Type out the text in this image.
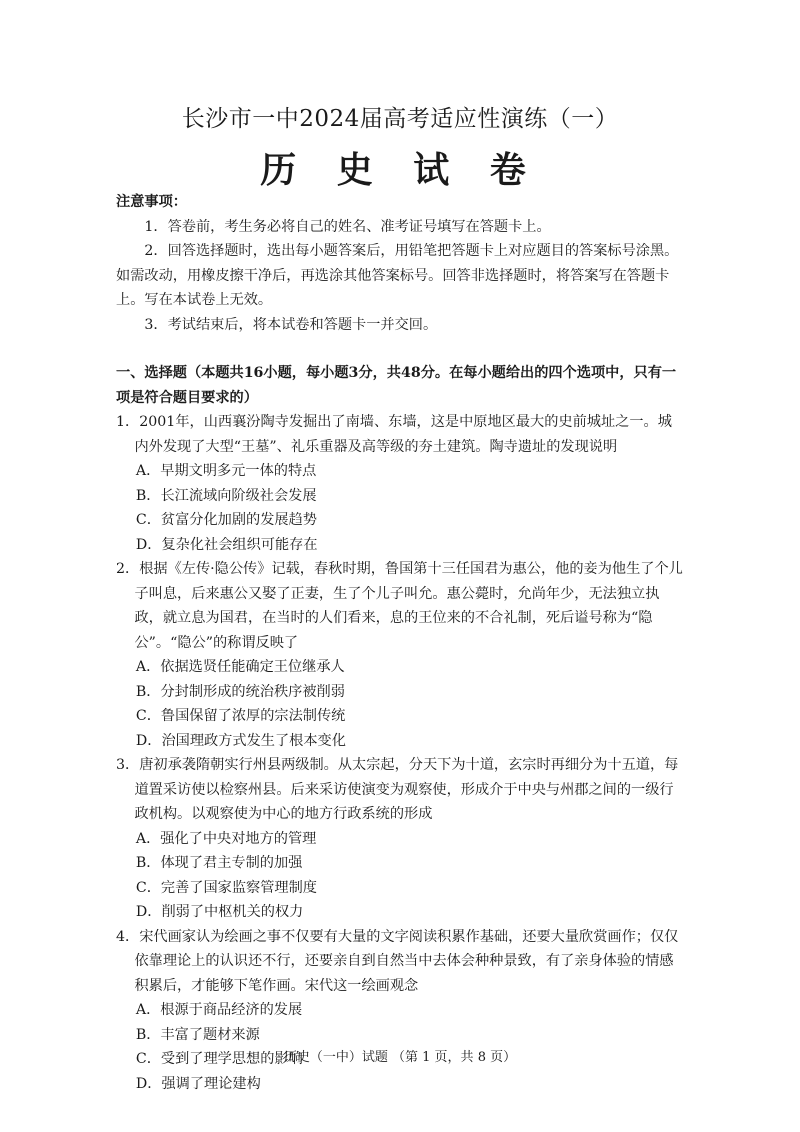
长沙市一中2024届高考适应性演练（一）
历 史 试 卷
注意事项：
1．答卷前，考生务必将自己的姓名、准考证号填写在答题卡上。
2．回答选择题时，选出每小题答案后，用铅笔把答题卡上对应题目的答案标号涂黑。如需改动，用橡皮擦干净后，再选涂其他答案标号。回答非选择题时，将答案写在答题卡上。写在本试卷上无效。
3．考试结束后，将本试卷和答题卡一并交回。
一、选择题（本题共16小题，每小题3分，共48分。在每小题给出的四个选项中，只有一项是符合题目要求的）
1．2001年，山西襄汾陶寺发掘出了南墙、东墙，这是中原地区最大的史前城址之一。城内外发现了大型“王墓”、礼乐重器及高等级的夯土建筑。陶寺遗址的发现说明
A．早期文明多元一体的特点
B．长江流域向阶级社会发展
C．贫富分化加剧的发展趋势
D．复杂化社会组织可能存在
2．根据《左传·隐公传》记载，春秋时期，鲁国第十三任国君为惠公，他的妾为他生了个儿子叫息，后来惠公又娶了正妻，生了个儿子叫允。惠公薨时，允尚年少，无法独立执政，就立息为国君，在当时的人们看来，息的王位来的不合礼制，死后谥号称为“隐公”。“隐公”的称谓反映了
A．依据选贤任能确定王位继承人
B．分封制形成的统治秩序被削弱
C．鲁国保留了浓厚的宗法制传统
D．治国理政方式发生了根本变化
3．唐初承袭隋朝实行州县两级制。从太宗起，分天下为十道，玄宗时再细分为十五道，每道置采访使以检察州县。后来采访使演变为观察使，形成介于中央与州郡之间的一级行政机构。以观察使为中心的地方行政系统的形成
A．强化了中央对地方的管理
B．体现了君主专制的加强
C．完善了国家监察管理制度
D．削弱了中枢机关的权力
4．宋代画家认为绘画之事不仅要有大量的文字阅读积累作基础，还要大量欣赏画作；仅仅依靠理论上的认识还不行，还要亲自到自然当中去体会种种景致，有了亲身体验的情感积累后，才能够下笔作画。宋代这一绘画观念
A．根源于商品经济的发展
B．丰富了题材来源
C．受到了理学思想的影响
D．强调了理论建构
历史（一中）试题 （第 1 页，共 8 页）
